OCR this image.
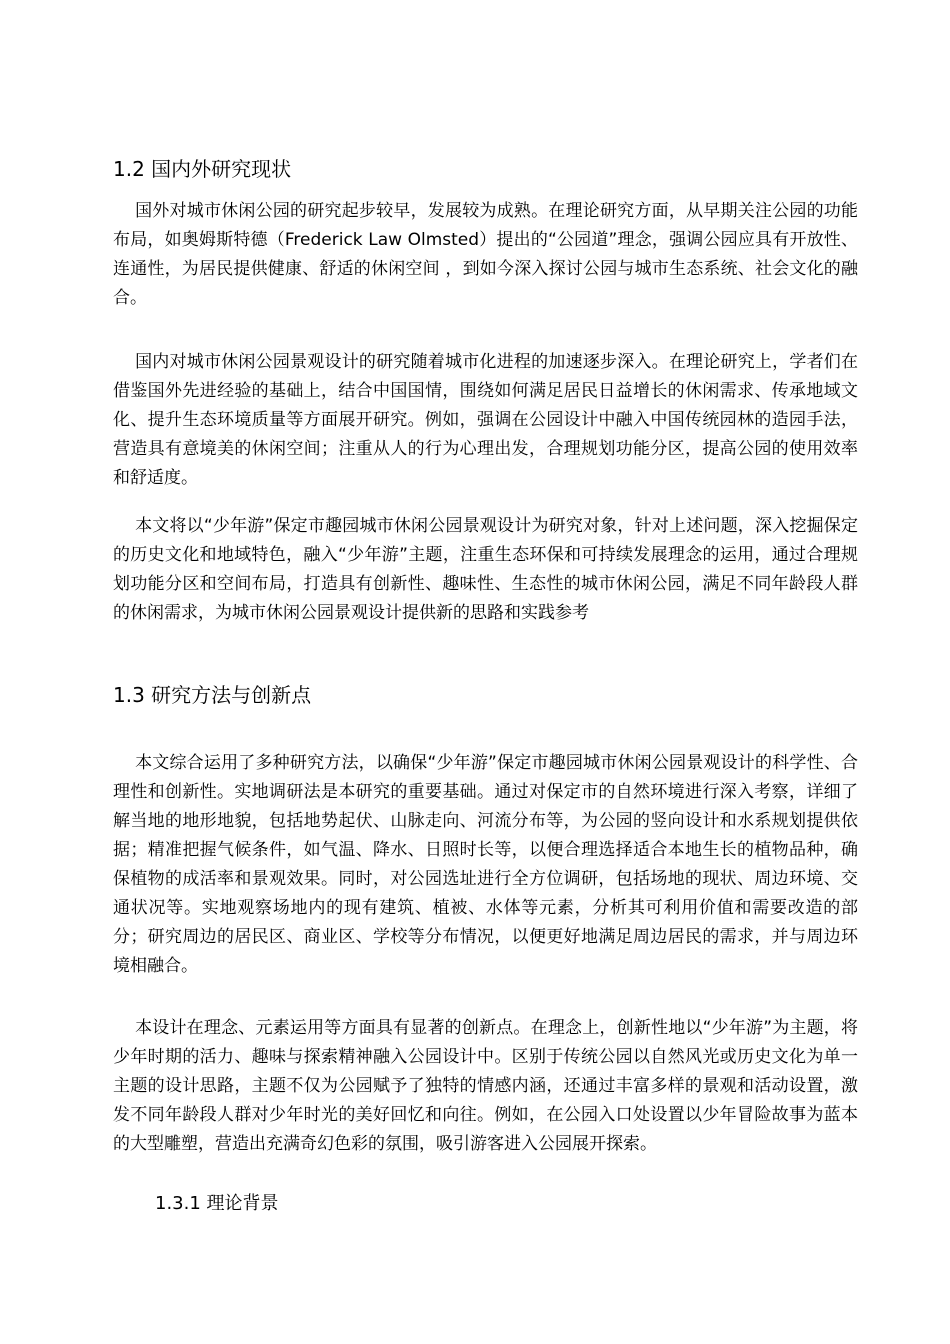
1.2 国内外研究现状

国外对城市休闲公园的研究起步较早，发展较为成熟。在理论研究方面，从早期关注公园的功能布局，如奥姆斯特德（Frederick Law Olmsted）提出的“公园道”理念，强调公园应具有开放性、连通性，为居民提供健康、舒适的休闲空间 ，到如今深入探讨公园与城市生态系统、社会文化的融合。

国内对城市休闲公园景观设计的研究随着城市化进程的加速逐步深入。在理论研究上，学者们在借鉴国外先进经验的基础上，结合中国国情，围绕如何满足居民日益增长的休闲需求、传承地域文化、提升生态环境质量等方面展开研究。例如，强调在公园设计中融入中国传统园林的造园手法，营造具有意境美的休闲空间；注重从人的行为心理出发，合理规划功能分区，提高公园的使用效率和舒适度。

本文将以“少年游”保定市趣园城市休闲公园景观设计为研究对象，针对上述问题，深入挖掘保定的历史文化和地域特色，融入“少年游”主题，注重生态环保和可持续发展理念的运用，通过合理规划功能分区和空间布局，打造具有创新性、趣味性、生态性的城市休闲公园，满足不同年龄段人群的休闲需求，为城市休闲公园景观设计提供新的思路和实践参考

1.3 研究方法与创新点

本文综合运用了多种研究方法，以确保“少年游”保定市趣园城市休闲公园景观设计的科学性、合理性和创新性。实地调研法是本研究的重要基础。通过对保定市的自然环境进行深入考察，详细了解当地的地形地貌，包括地势起伏、山脉走向、河流分布等，为公园的竖向设计和水系规划提供依据；精准把握气候条件，如气温、降水、日照时长等，以便合理选择适合本地生长的植物品种，确保植物的成活率和景观效果。同时，对公园选址进行全方位调研，包括场地的现状、周边环境、交通状况等。实地观察场地内的现有建筑、植被、水体等元素，分析其可利用价值和需要改造的部分；研究周边的居民区、商业区、学校等分布情况，以便更好地满足周边居民的需求，并与周边环境相融合。

本设计在理念、元素运用等方面具有显著的创新点。在理念上，创新性地以“少年游”为主题，将少年时期的活力、趣味与探索精神融入公园设计中。区别于传统公园以自然风光或历史文化为单一主题的设计思路，主题不仅为公园赋予了独特的情感内涵，还通过丰富多样的景观和活动设置，激发不同年龄段人群对少年时光的美好回忆和向往。例如，在公园入口处设置以少年冒险故事为蓝本的大型雕塑，营造出充满奇幻色彩的氛围，吸引游客进入公园展开探索。

1.3.1 理论背景
